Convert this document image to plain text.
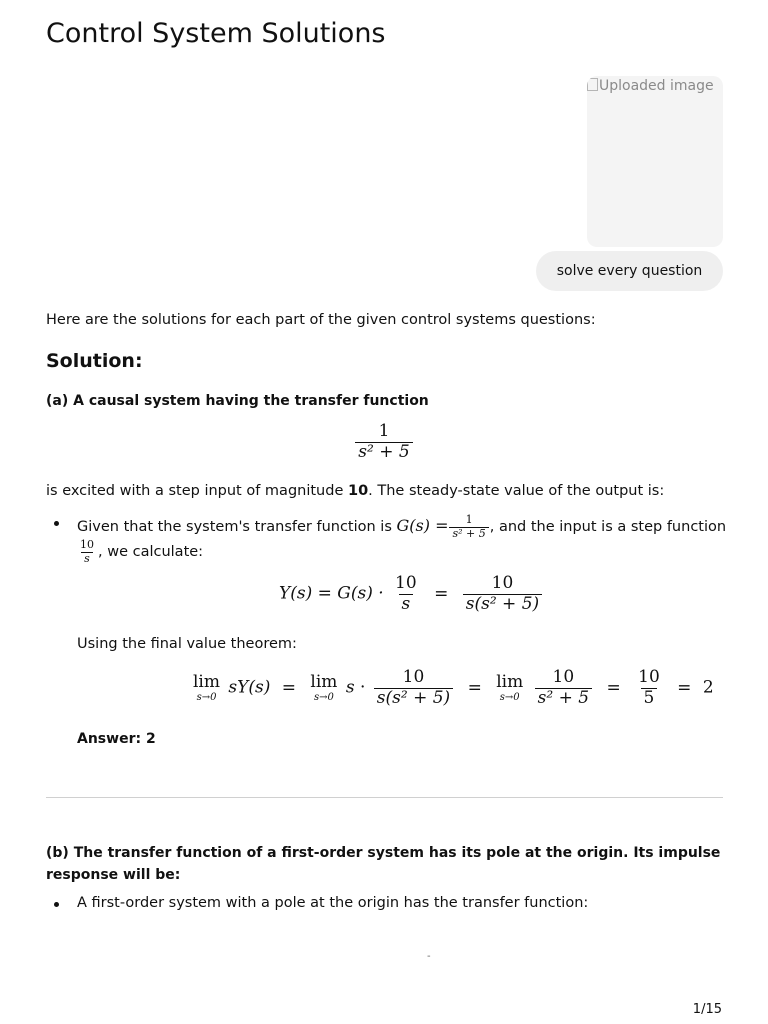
Control System Solutions
Uploaded image
solve every question
Here are the solutions for each part of the given control systems questions:
Solution:
(a) A causal system having the transfer function
$\frac{1}{\text{s² + 5}}$
is excited with a step input of magnitude 10. The steady-state value of the output is:
Given that the system's transfer function is $G(s) = \frac{1}{\text{s² + 5}}$ , and the input is a step function
$\frac{10}{s}$ , we calculate:
$Y(s) = G(s) \cdot \frac{10}{s} = \frac{10}{\text{s(s² + 5)}}$
Using the final value theorem:
lim
s→0 sY(s) = lim
s→0 $s \cdot \frac{10}{\text{s(s² + 5)}} = \lim$
s→0
$\frac{10}{\text{s² + 5}} = \frac{10}{5} = 2$
Answer: 2
(b) The transfer function of a first-order system has its pole at the origin. Its impulse response will be:
A first-order system with a pole at the origin has the transfer function:
-
1/15
